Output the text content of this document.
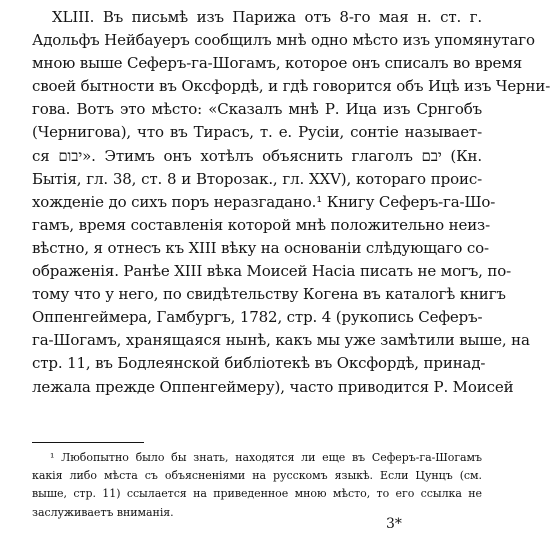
XLIII. Въ письмѣ изъ Парижа отъ 8-го мая н. ст. г.
Адольфъ Нейбауеръ сообщилъ мнѣ одно мѣсто изъ упомянутаго
мною выше Сеферъ-га-Шогамъ, которое онъ списалъ во время
своей бытности въ Оксфордѣ, и гдѣ говорится объ Ицѣ изъ Черни-
гова. Вотъ это мѣсто: «Сказалъ мнѣ Р. Ица изъ Срнгобъ
(Чернигова), что въ Тирасъ, т. е. Русіи, сонтіе называет-
ся יבום». Этимъ онъ хотѣлъ объяснить глаголъ יבם (Кн.
Бытія, гл. 38, ст. 8 и Второзак., гл. XXV), котораго проис-
хожденіе до сихъ поръ неразгадано.¹ Книгу Сеферъ-га-Шо-
гамъ, время составленія которой мнѣ положительно неиз-
вѣстно, я отнесъ къ XIII вѣку на основаніи слѣдующаго со-
ображенія. Ранѣе XIII вѣка Моисей Насіа писать не могъ, по-
тому что у него, по свидѣтельству Когена въ каталогѣ книгъ
Оппенгеймера, Гамбургъ, 1782, стр. 4 (рукопись Сеферъ-
га-Шогамъ, хранящаяся нынѣ, какъ мы уже замѣтили выше, на
стр. 11, въ Бодлеянской библіотекѣ въ Оксфордѣ, принад-
лежала прежде Оппенгеймеру), часто приводится Р. Моисей
¹ Любопытно было бы знать, находятся ли еще въ Сеферъ-га-Шогамъ
какія либо мѣста съ объясненіями на русскомъ языкѣ. Если Цунцъ (см.
выше, стр. 11) ссылается на приведенное мною мѣсто, то его ссылка не
заслуживаетъ вниманія.
3*
